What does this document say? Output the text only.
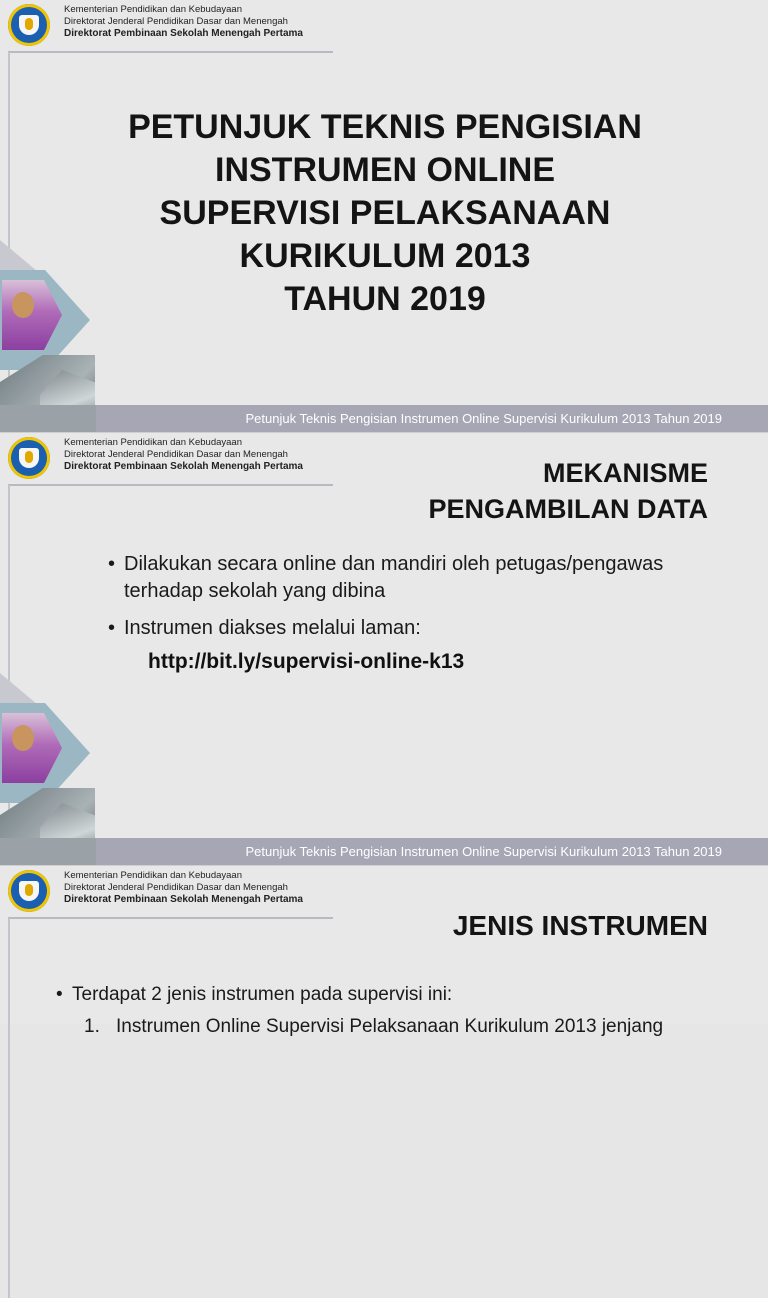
Kementerian Pendidikan dan Kebudayaan
Direktorat Jenderal Pendidikan Dasar dan Menengah
Direktorat Pembinaan Sekolah Menengah Pertama
PETUNJUK TEKNIS PENGISIAN
INSTRUMEN ONLINE
SUPERVISI PELAKSANAAN
KURIKULUM 2013
TAHUN 2019
Petunjuk Teknis Pengisian Instrumen Online Supervisi Kurikulum 2013 Tahun 2019
Kementerian Pendidikan dan Kebudayaan
Direktorat Jenderal Pendidikan Dasar dan Menengah
Direktorat Pembinaan Sekolah Menengah Pertama	MEKANISME
PENGAMBILAN DATA
• Dilakukan secara online dan mandiri oleh petugas/pengawas terhadap sekolah yang dibina
• Instrumen diakses melalui laman:
http://bit.ly/supervisi-online-k13
Petunjuk Teknis Pengisian Instrumen Online Supervisi Kurikulum 2013 Tahun 2019
Kementerian Pendidikan dan Kebudayaan
Direktorat Jenderal Pendidikan Dasar dan Menengah
Direktorat Pembinaan Sekolah Menengah Pertama
JENIS INSTRUMEN
• Terdapat 2 jenis instrumen pada supervisi ini:
1. Instrumen Online Supervisi Pelaksanaan Kurikulum 2013 jenjang
